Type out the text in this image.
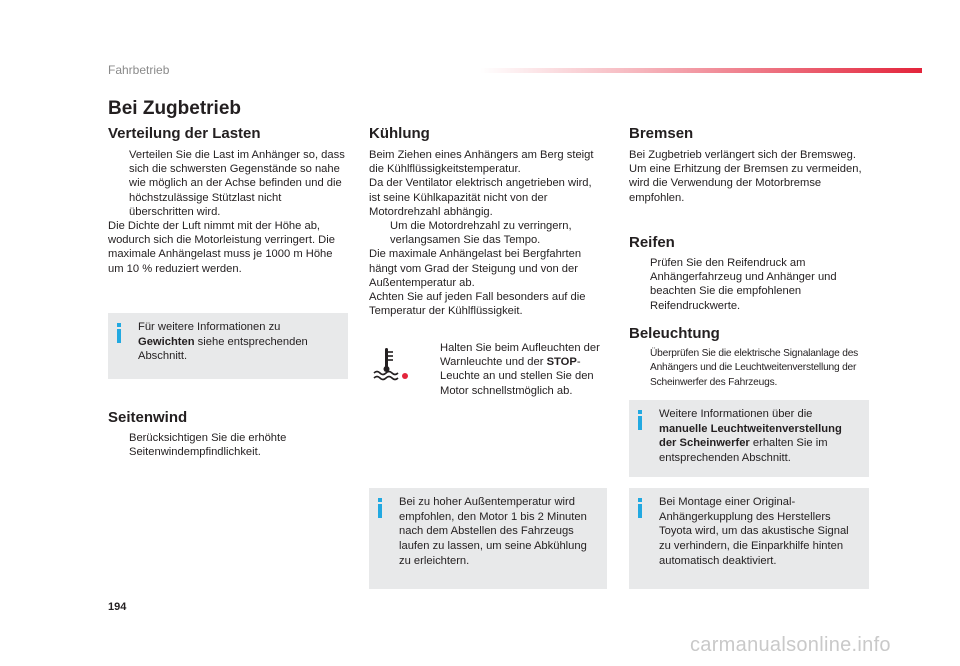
Fahrbetrieb
Bei Zugbetrieb
Verteilung der Lasten
Verteilen Sie die Last im Anhänger so, dass sich die schwersten Gegenstände so nahe wie möglich an der Achse befinden und die höchstzulässige Stützlast nicht überschritten wird.
Die Dichte der Luft nimmt mit der Höhe ab, wodurch sich die Motorleistung verringert. Die maximale Anhängelast muss je 1000 m Höhe um 10 % reduziert werden.
Für weitere Informationen zu Gewichten siehe entsprechenden Abschnitt.
Seitenwind
Berücksichtigen Sie die erhöhte Seitenwindempfindlichkeit.
Kühlung
Beim Ziehen eines Anhängers am Berg steigt die Kühlflüssigkeitstemperatur.
Da der Ventilator elektrisch angetrieben wird, ist seine Kühlkapazität nicht von der Motordrehzahl abhängig.
Um die Motordrehzahl zu verringern, verlangsamen Sie das Tempo.
Die maximale Anhängelast bei Bergfahrten hängt vom Grad der Steigung und von der Außentemperatur ab.
Achten Sie auf jeden Fall besonders auf die Temperatur der Kühlflüssigkeit.
Halten Sie beim Aufleuchten der Warnleuchte und der STOP-Leuchte an und stellen Sie den Motor schnellstmöglich ab.
Bei zu hoher Außentemperatur wird empfohlen, den Motor 1 bis 2 Minuten nach dem Abstellen des Fahrzeugs laufen zu lassen, um seine Abkühlung zu erleichtern.
Bremsen
Bei Zugbetrieb verlängert sich der Bremsweg. Um eine Erhitzung der Bremsen zu vermeiden, wird die Verwendung der Motorbremse empfohlen.
Reifen
Prüfen Sie den Reifendruck am Anhängerfahrzeug und Anhänger und beachten Sie die empfohlenen Reifendruckwerte.
Beleuchtung
Überprüfen Sie die elektrische Signalanlage des Anhängers und die Leuchtweitenverstellung der Scheinwerfer des Fahrzeugs.
Weitere Informationen über die manuelle Leuchtweitenverstellung der Scheinwerfer erhalten Sie im entsprechenden Abschnitt.
Bei Montage einer Original-Anhängerkupplung des Herstellers Toyota wird, um das akustische Signal zu verhindern, die Einparkhilfe hinten automatisch deaktiviert.
194
carmanualsonline.info
